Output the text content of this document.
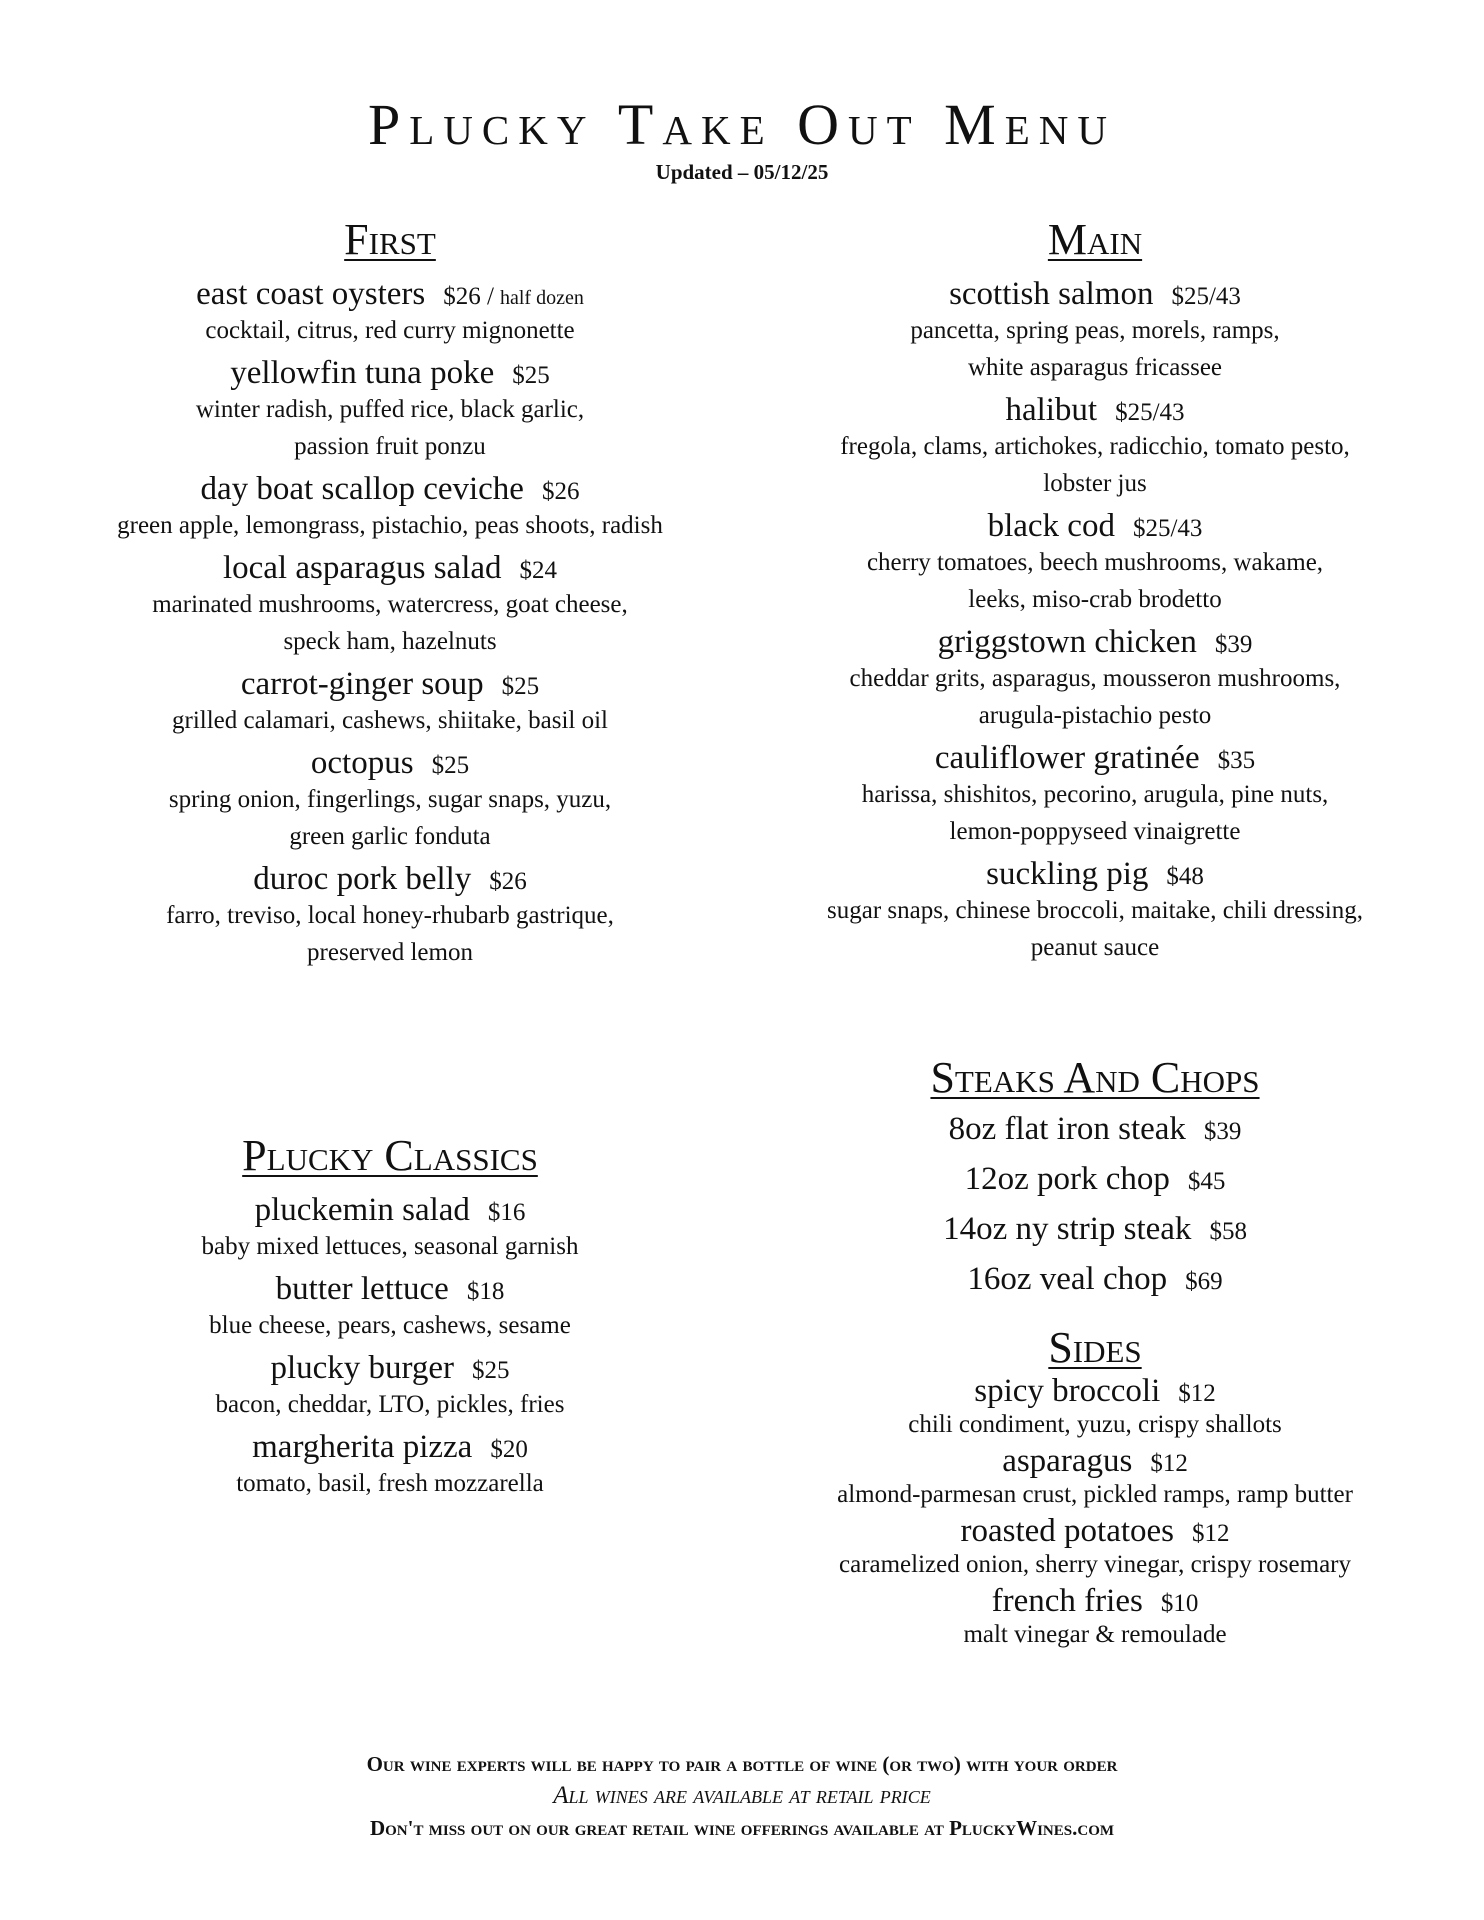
Plucky Take Out Menu
Updated – 05/12/25
First
east coast oysters $26 / half dozen
cocktail, citrus, red curry mignonette
yellowfin tuna poke $25
winter radish, puffed rice, black garlic,
passion fruit ponzu
day boat scallop ceviche $26
green apple, lemongrass, pistachio, peas shoots, radish
local asparagus salad $24
marinated mushrooms, watercress, goat cheese,
speck ham, hazelnuts
carrot-ginger soup $25
grilled calamari, cashews, shiitake, basil oil
octopus $25
spring onion, fingerlings, sugar snaps, yuzu,
green garlic fonduta
duroc pork belly $26
farro, treviso, local honey-rhubarb gastrique,
preserved lemon
Plucky Classics
pluckemin salad $16
baby mixed lettuces, seasonal garnish
butter lettuce $18
blue cheese, pears, cashews, sesame
plucky burger $25
bacon, cheddar, LTO, pickles, fries
margherita pizza $20
tomato, basil, fresh mozzarella
Main
scottish salmon $25/43
pancetta, spring peas, morels, ramps,
white asparagus fricassee
halibut $25/43
fregola, clams, artichokes, radicchio, tomato pesto,
lobster jus
black cod $25/43
cherry tomatoes, beech mushrooms, wakame,
leeks, miso-crab brodetto
griggstown chicken $39
cheddar grits, asparagus, mousseron mushrooms,
arugula-pistachio pesto
cauliflower gratinée $35
harissa, shishitos, pecorino, arugula, pine nuts,
lemon-poppyseed vinaigrette
suckling pig $48
sugar snaps, chinese broccoli, maitake, chili dressing,
peanut sauce
Steaks And Chops
8oz flat iron steak $39
12oz pork chop $45
14oz ny strip steak $58
16oz veal chop $69
Sides
spicy broccoli $12
chili condiment, yuzu, crispy shallots
asparagus $12
almond-parmesan crust, pickled ramps, ramp butter
roasted potatoes $12
caramelized onion, sherry vinegar, crispy rosemary
french fries $10
malt vinegar & remoulade
Our wine experts will be happy to pair a bottle of wine (or two) with your order
All wines are available at retail price
Don't miss out on our great retail wine offerings available at PluckyWines.com
